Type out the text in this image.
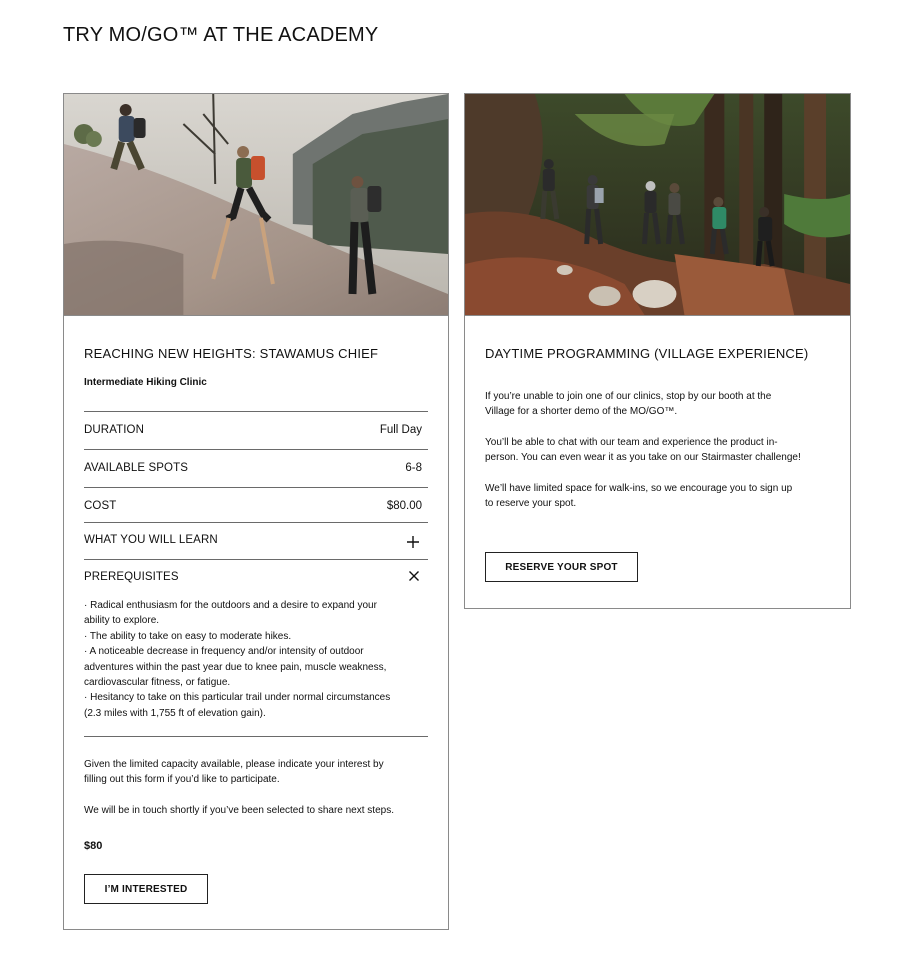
TRY MO/GO™ AT THE ACADEMY
REACHING NEW HEIGHTS: STAWAMUS CHIEF
Intermediate Hiking Clinic
DURATION	Full Day
AVAILABLE SPOTS	6-8
COST	$80.00
WHAT YOU WILL LEARN
PREREQUISITES

· Radical enthusiasm for the outdoors and a desire to expand your

ability to explore.

· The ability to take on easy to moderate hikes.

· A noticeable decrease in frequency and/or intensity of outdoor

adventures within the past year due to knee pain, muscle weakness,

cardiovascular fitness, or fatigue.

· Hesitancy to take on this particular trail under normal circumstances

(2.3 miles with 1,755 ft of elevation gain).

Given the limited capacity available, please indicate your interest by

filling out this form if you’d like to participate.

We will be in touch shortly if you’ve been selected to share next steps.
$80
I’M INTERESTED
DAYTIME PROGRAMMING (VILLAGE EXPERIENCE)

If you’re unable to join one of our clinics, stop by our booth at the

Village for a shorter demo of the MO/GO™.

You’ll be able to chat with our team and experience the product in-

person. You can even wear it as you take on our Stairmaster challenge!

We’ll have limited space for walk-ins, so we encourage you to sign up

to reserve your spot.

RESERVE YOUR SPOT
